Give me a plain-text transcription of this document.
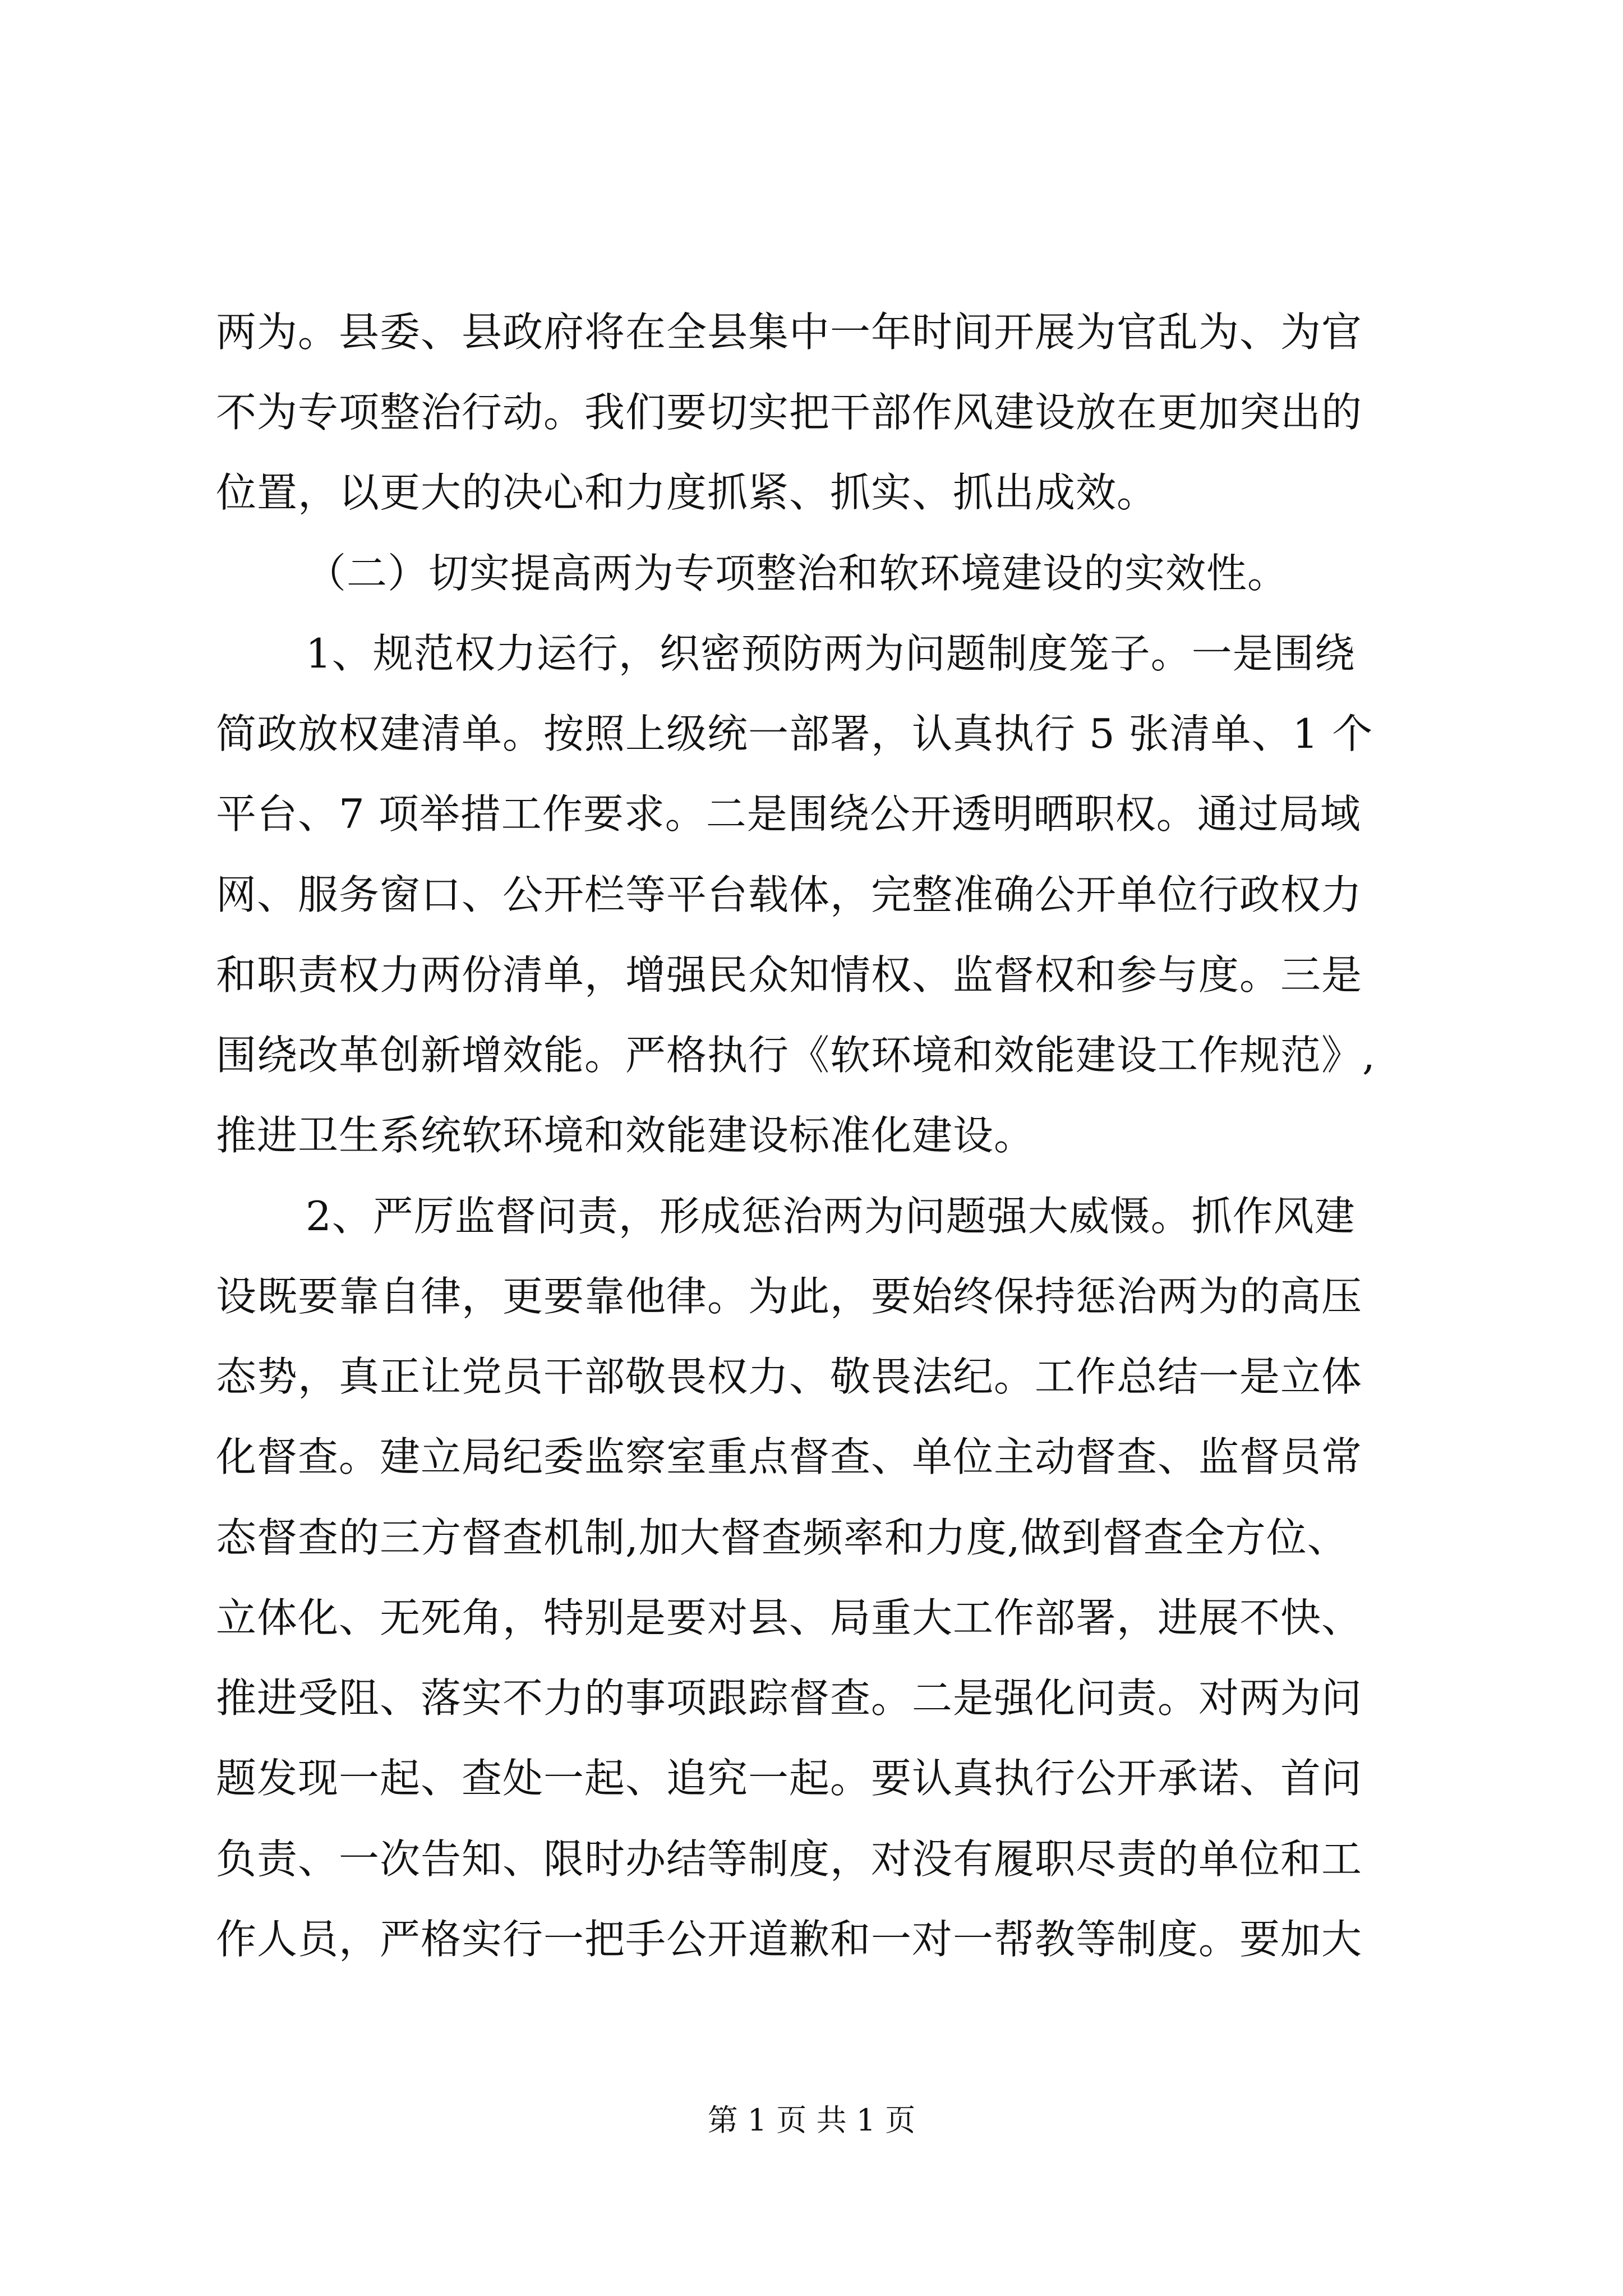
两为。县委、县政府将在全县集中一年时间开展为官乱为、为官
不为专项整治行动。我们要切实把干部作风建设放在更加突出的
位置，以更大的决心和力度抓紧、抓实、抓出成效。
（二）切实提高两为专项整治和软环境建设的实效性。
1、规范权力运行，织密预防两为问题制度笼子。一是围绕
简政放权建清单。按照上级统一部署，认真执行 5 张清单、1 个
平台、7 项举措工作要求。二是围绕公开透明晒职权。通过局域
网、服务窗口、公开栏等平台载体，完整准确公开单位行政权力
和职责权力两份清单，增强民众知情权、监督权和参与度。三是
围绕改革创新增效能。严格执行《软环境和效能建设工作规范》,
推进卫生系统软环境和效能建设标准化建设。
2、严厉监督问责，形成惩治两为问题强大威慑。抓作风建
设既要靠自律，更要靠他律。为此，要始终保持惩治两为的高压
态势，真正让党员干部敬畏权力、敬畏法纪。工作总结一是立体
化督查。建立局纪委监察室重点督查、单位主动督查、监督员常
态督查的三方督查机制,加大督查频率和力度,做到督查全方位、
立体化、无死角，特别是要对县、局重大工作部署，进展不快、
推进受阻、落实不力的事项跟踪督查。二是强化问责。对两为问
题发现一起、查处一起、追究一起。要认真执行公开承诺、首问
负责、一次告知、限时办结等制度，对没有履职尽责的单位和工
作人员，严格实行一把手公开道歉和一对一帮教等制度。要加大
第 1 页 共 1 页
